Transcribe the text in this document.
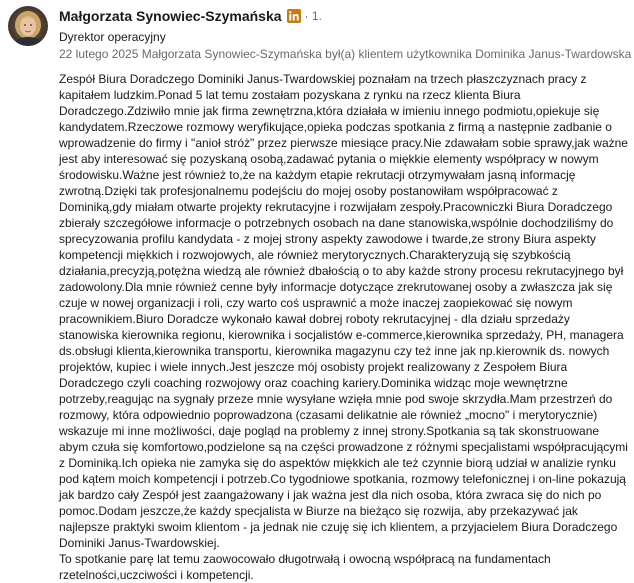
Małgorzata Synowiec-Szymańska · 1.
Dyrektor operacyjny
22 lutego 2025 Małgorzata Synowiec-Szymańska był(a) klientem użytkownika Dominika Janus-Twardowska

Zespół Biura Doradczego Dominiki Janus-Twardowskiej poznałam na trzech płaszczyznach pracy z kapitałem ludzkim.Ponad 5 lat temu zostałam pozyskana z rynku na rzecz klienta Biura Doradczego.Zdziwiło mnie jak firma zewnętrzna,która działała w imieniu innego podmiotu,opiekuje się kandydatem.Rzeczowe rozmowy weryfikujące,opieka podczas spotkania z firmą a następnie zadbanie o wprowadzenie do firmy i "anioł stróż" przez pierwsze miesiące pracy.Nie zdawałam sobie sprawy,jak ważne jest aby interesować się pozyskaną osobą,zadawać pytania o miękkie elementy współpracy w nowym środowisku.Ważne jest również to,że na każdym etapie rekrutacji otrzymywałam jasną informację zwrotną.Dzięki tak profesjonalnemu podejściu do mojej osoby postanowiłam współpracować z Dominiką,gdy miałam otwarte projekty rekrutacyjne i rozwijałam zespoły.Pracowniczki Biura Doradczego zbierały szczegółowe informacje o potrzebnych osobach na dane stanowiska,wspólnie dochodziliśmy do sprecyzowania profilu kandydata - z mojej strony aspekty zawodowe i twarde,ze strony Biura aspekty kompetencji miękkich i rozwojowych, ale również merytorycznych.Charakteryzują się szybkością działania,precyzją,potężna wiedzą ale również dbałością o to aby każde strony procesu rekrutacyjnego był zadowolony.Dla mnie również cenne były informacje dotyczące zrekrutowanej osoby a zwłaszcza jak się czuje w nowej organizacji i roli, czy warto coś usprawnić a może inaczej zaopiekować się nowym pracownikiem.Biuro Doradcze wykonało kawał dobrej roboty rekrutacyjnej - dla działu sprzedaży stanowiska kierownika regionu, kierownika i socjalistów e-commerce,kierownika sprzedaży, PH, managera ds.obsługi klienta,kierownika transportu, kierownika magazynu czy też inne jak np.kierownik ds. nowych projektów, kupiec i wiele innych.Jest jeszcze mój osobisty projekt realizowany z Zespołem Biura Doradczego czyli coaching rozwojowy oraz coaching kariery.Dominika widząc moje wewnętrzne potrzeby,reagując na sygnały przeze mnie wysyłane wzięła mnie pod swoje skrzydła.Mam przestrzeń do rozmowy, która odpowiednio poprowadzona (czasami delikatnie ale również „mocno" i merytorycznie) wskazuje mi inne możliwości, daje pogląd na problemy z innej strony.Spotkania są tak skonstruowane abym czuła się komfortowo,podzielone są na części prowadzone z różnymi specjalistami współpracującymi z Dominiką.Ich opieka nie zamyka się do aspektów miękkich ale też czynnie biorą udział w analizie rynku pod kątem moich kompetencji i potrzeb.Co tygodniowe spotkania, rozmowy telefonicznej i on-line pokazują jak bardzo cały Zespół jest zaangażowany i jak ważna jest dla nich osoba, która zwraca się do nich po pomoc.Dodam jeszcze,że każdy specjalista w Biurze na bieżąco się rozwija, aby przekazywać jak najlepsze praktyki swoim klientom - ja jednak nie czuję się ich klientem, a przyjacielem Biura Doradczego Dominiki Janus-Twardowskiej.
To spotkanie parę lat temu zaowocowało długotrwałą i owocną współpracą na fundamentach rzetelności,uczciwości i kompetencji.
